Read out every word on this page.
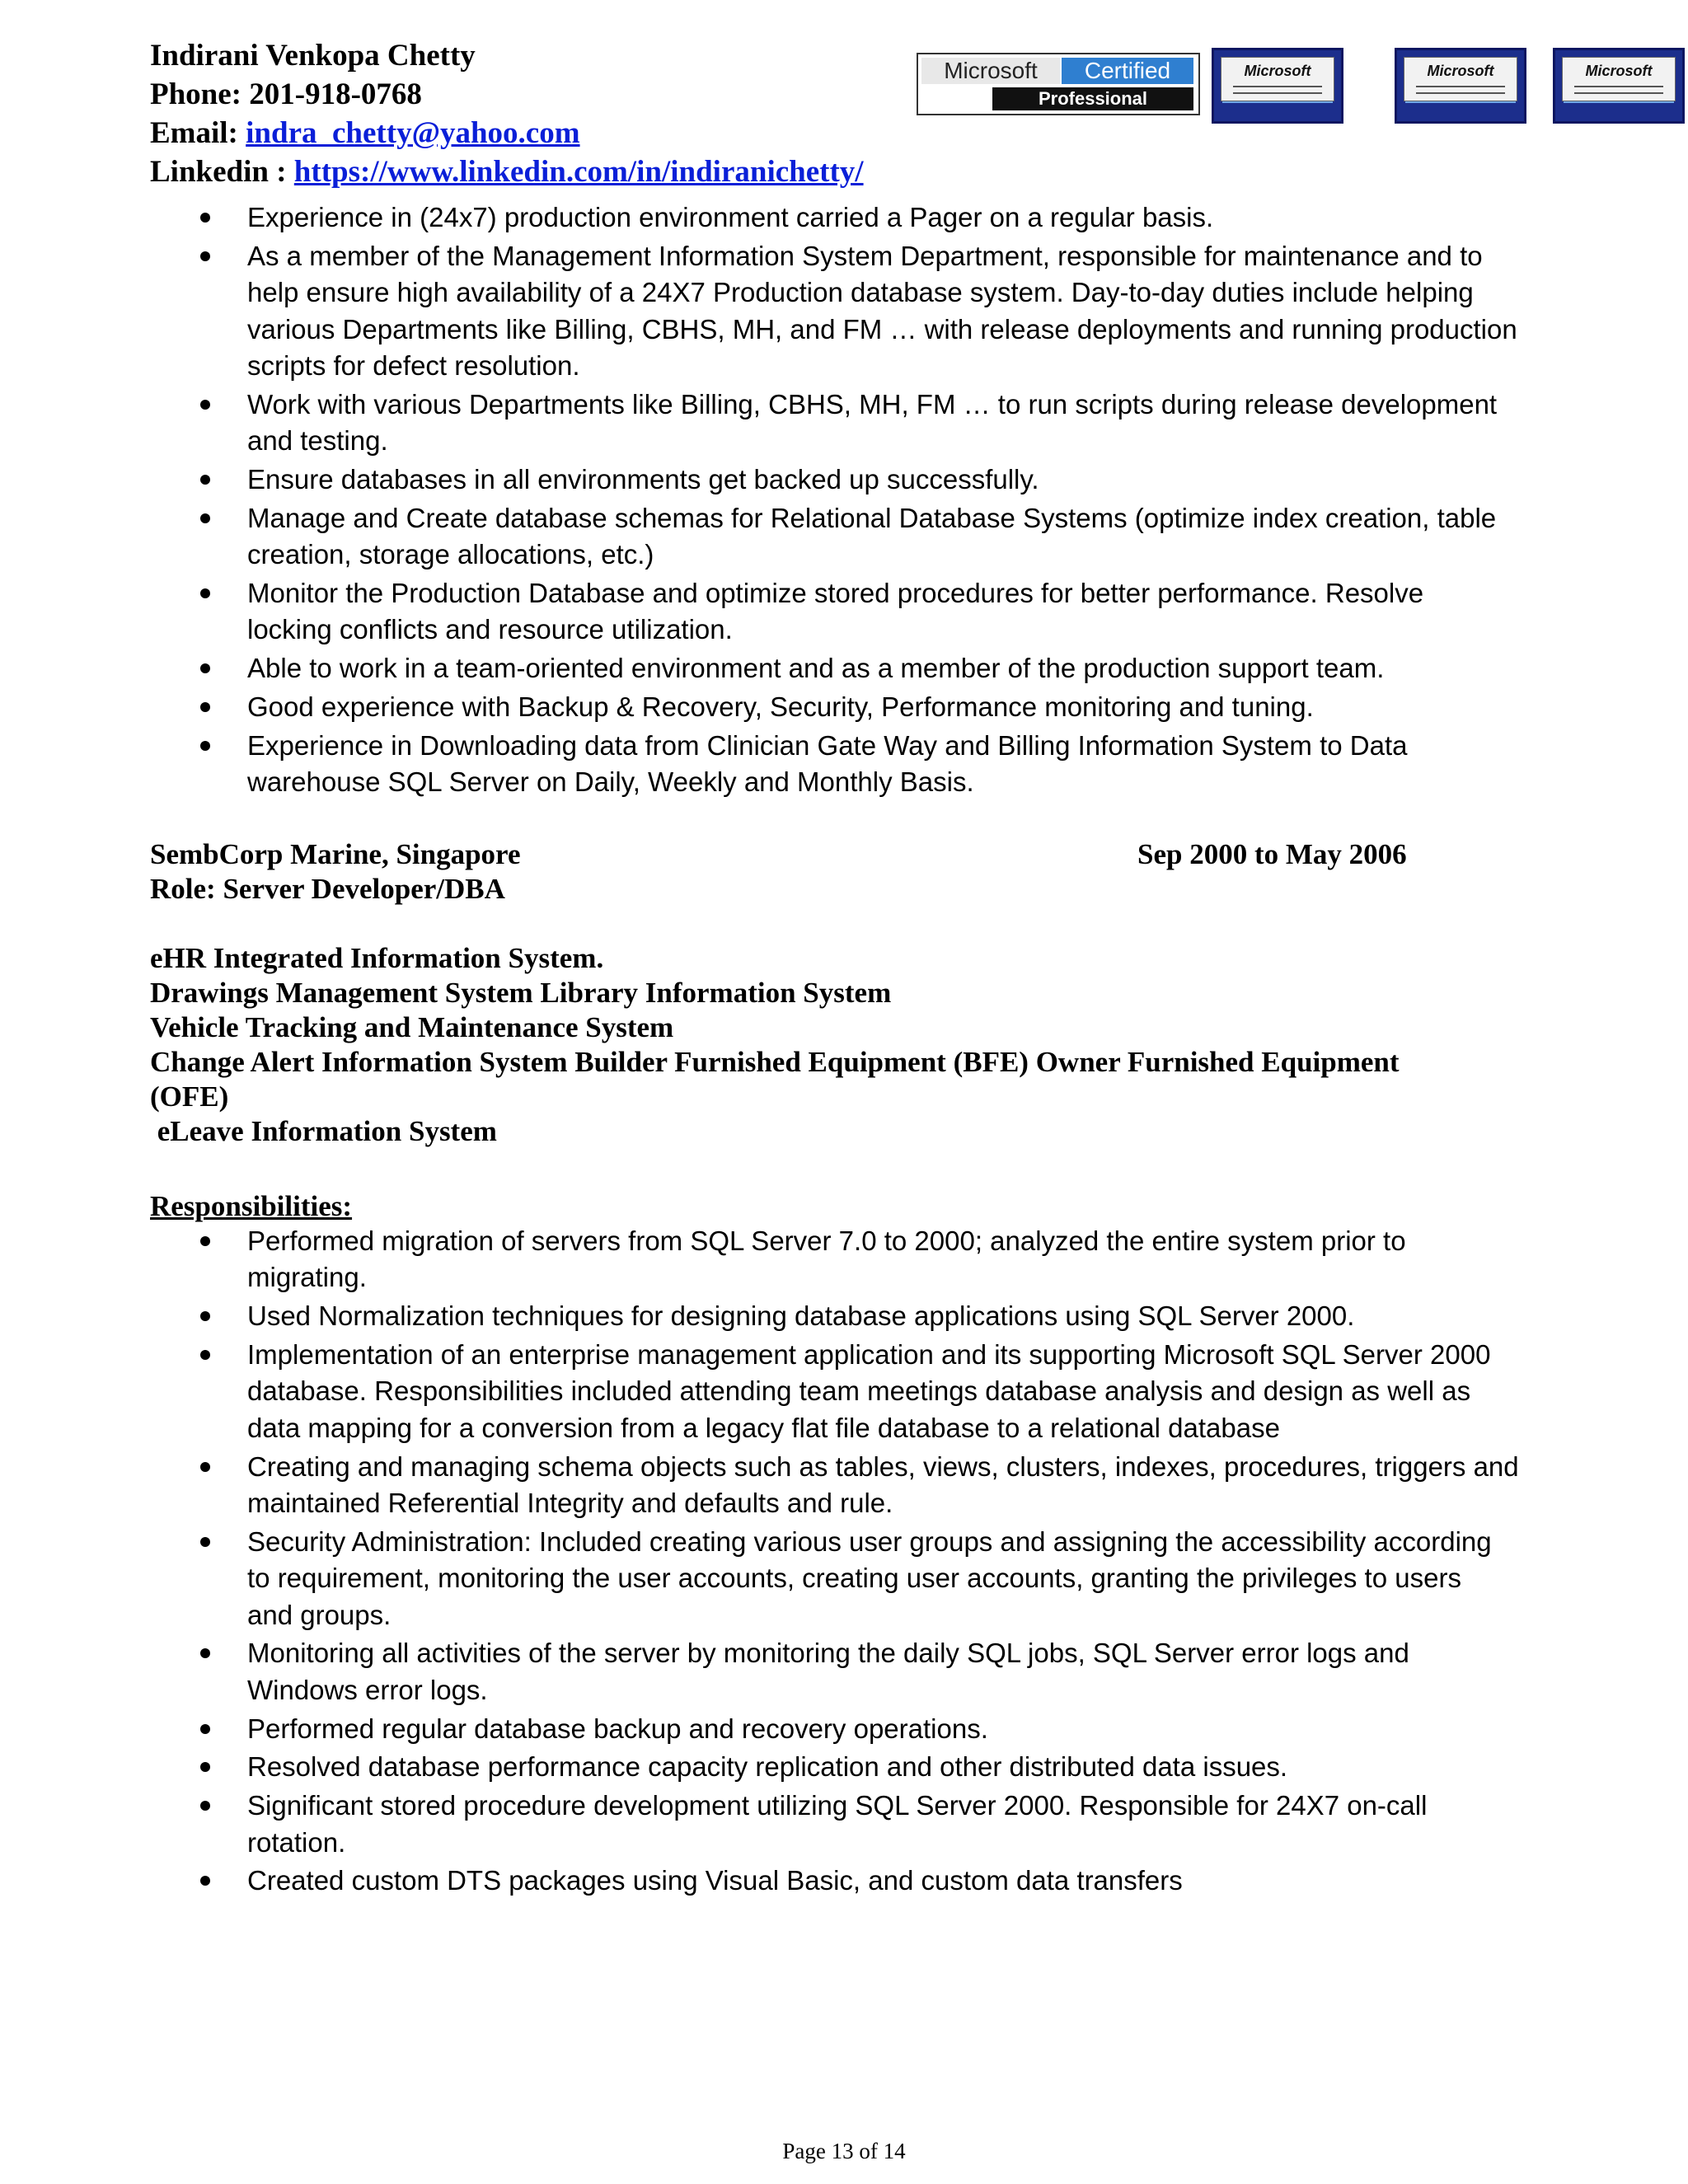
Indirani Venkopa Chetty
Phone: 201-918-0768
Email: indra_chetty@yahoo.com
Linkedin : https://www.linkedin.com/in/indiranichetty/
Microsoft	Certified
Professional
Microsoft	Microsoft	Microsoft
Experience in (24x7) production environment carried a Pager on a regular basis.
As a member of the Management Information System Department, responsible for maintenance and to
help ensure high availability of a 24X7 Production database system. Day-to-day duties include helping
various Departments like Billing, CBHS, MH, and FM … with release deployments and running production
scripts for defect resolution.
Work with various Departments like Billing, CBHS, MH, FM … to run scripts during release development
and testing.
Ensure databases in all environments get backed up successfully.
Manage and Create database schemas for Relational Database Systems (optimize index creation, table
creation, storage allocations, etc.)
Monitor the Production Database and optimize stored procedures for better performance. Resolve
locking conflicts and resource utilization.
Able to work in a team-oriented environment and as a member of the production support team.
Good experience with Backup & Recovery, Security, Performance monitoring and tuning.
Experience in Downloading data from Clinician Gate Way and Billing Information System to Data
warehouse SQL Server on Daily, Weekly and Monthly Basis.
SembCorp Marine, Singapore	Sep 2000 to May 2006
Role: Server Developer/DBA
eHR Integrated Information System.
Drawings Management System Library Information System
Vehicle Tracking and Maintenance System
Change Alert Information System Builder Furnished Equipment (BFE) Owner Furnished Equipment
(OFE)
eLeave Information System
Responsibilities:
Performed migration of servers from SQL Server 7.0 to 2000; analyzed the entire system prior to
migrating.
Used Normalization techniques for designing database applications using SQL Server 2000.
Implementation of an enterprise management application and its supporting Microsoft SQL Server 2000
database. Responsibilities included attending team meetings database analysis and design as well as
data mapping for a conversion from a legacy flat file database to a relational database
Creating and managing schema objects such as tables, views, clusters, indexes, procedures, triggers and
maintained Referential Integrity and defaults and rule.
Security Administration: Included creating various user groups and assigning the accessibility according
to requirement, monitoring the user accounts, creating user accounts, granting the privileges to users
and groups.
Monitoring all activities of the server by monitoring the daily SQL jobs, SQL Server error logs and
Windows error logs.
Performed regular database backup and recovery operations.
Resolved database performance capacity replication and other distributed data issues.
Significant stored procedure development utilizing SQL Server 2000. Responsible for 24X7 on-call
rotation.
Created custom DTS packages using Visual Basic, and custom data transfers
Page 13 of 14
